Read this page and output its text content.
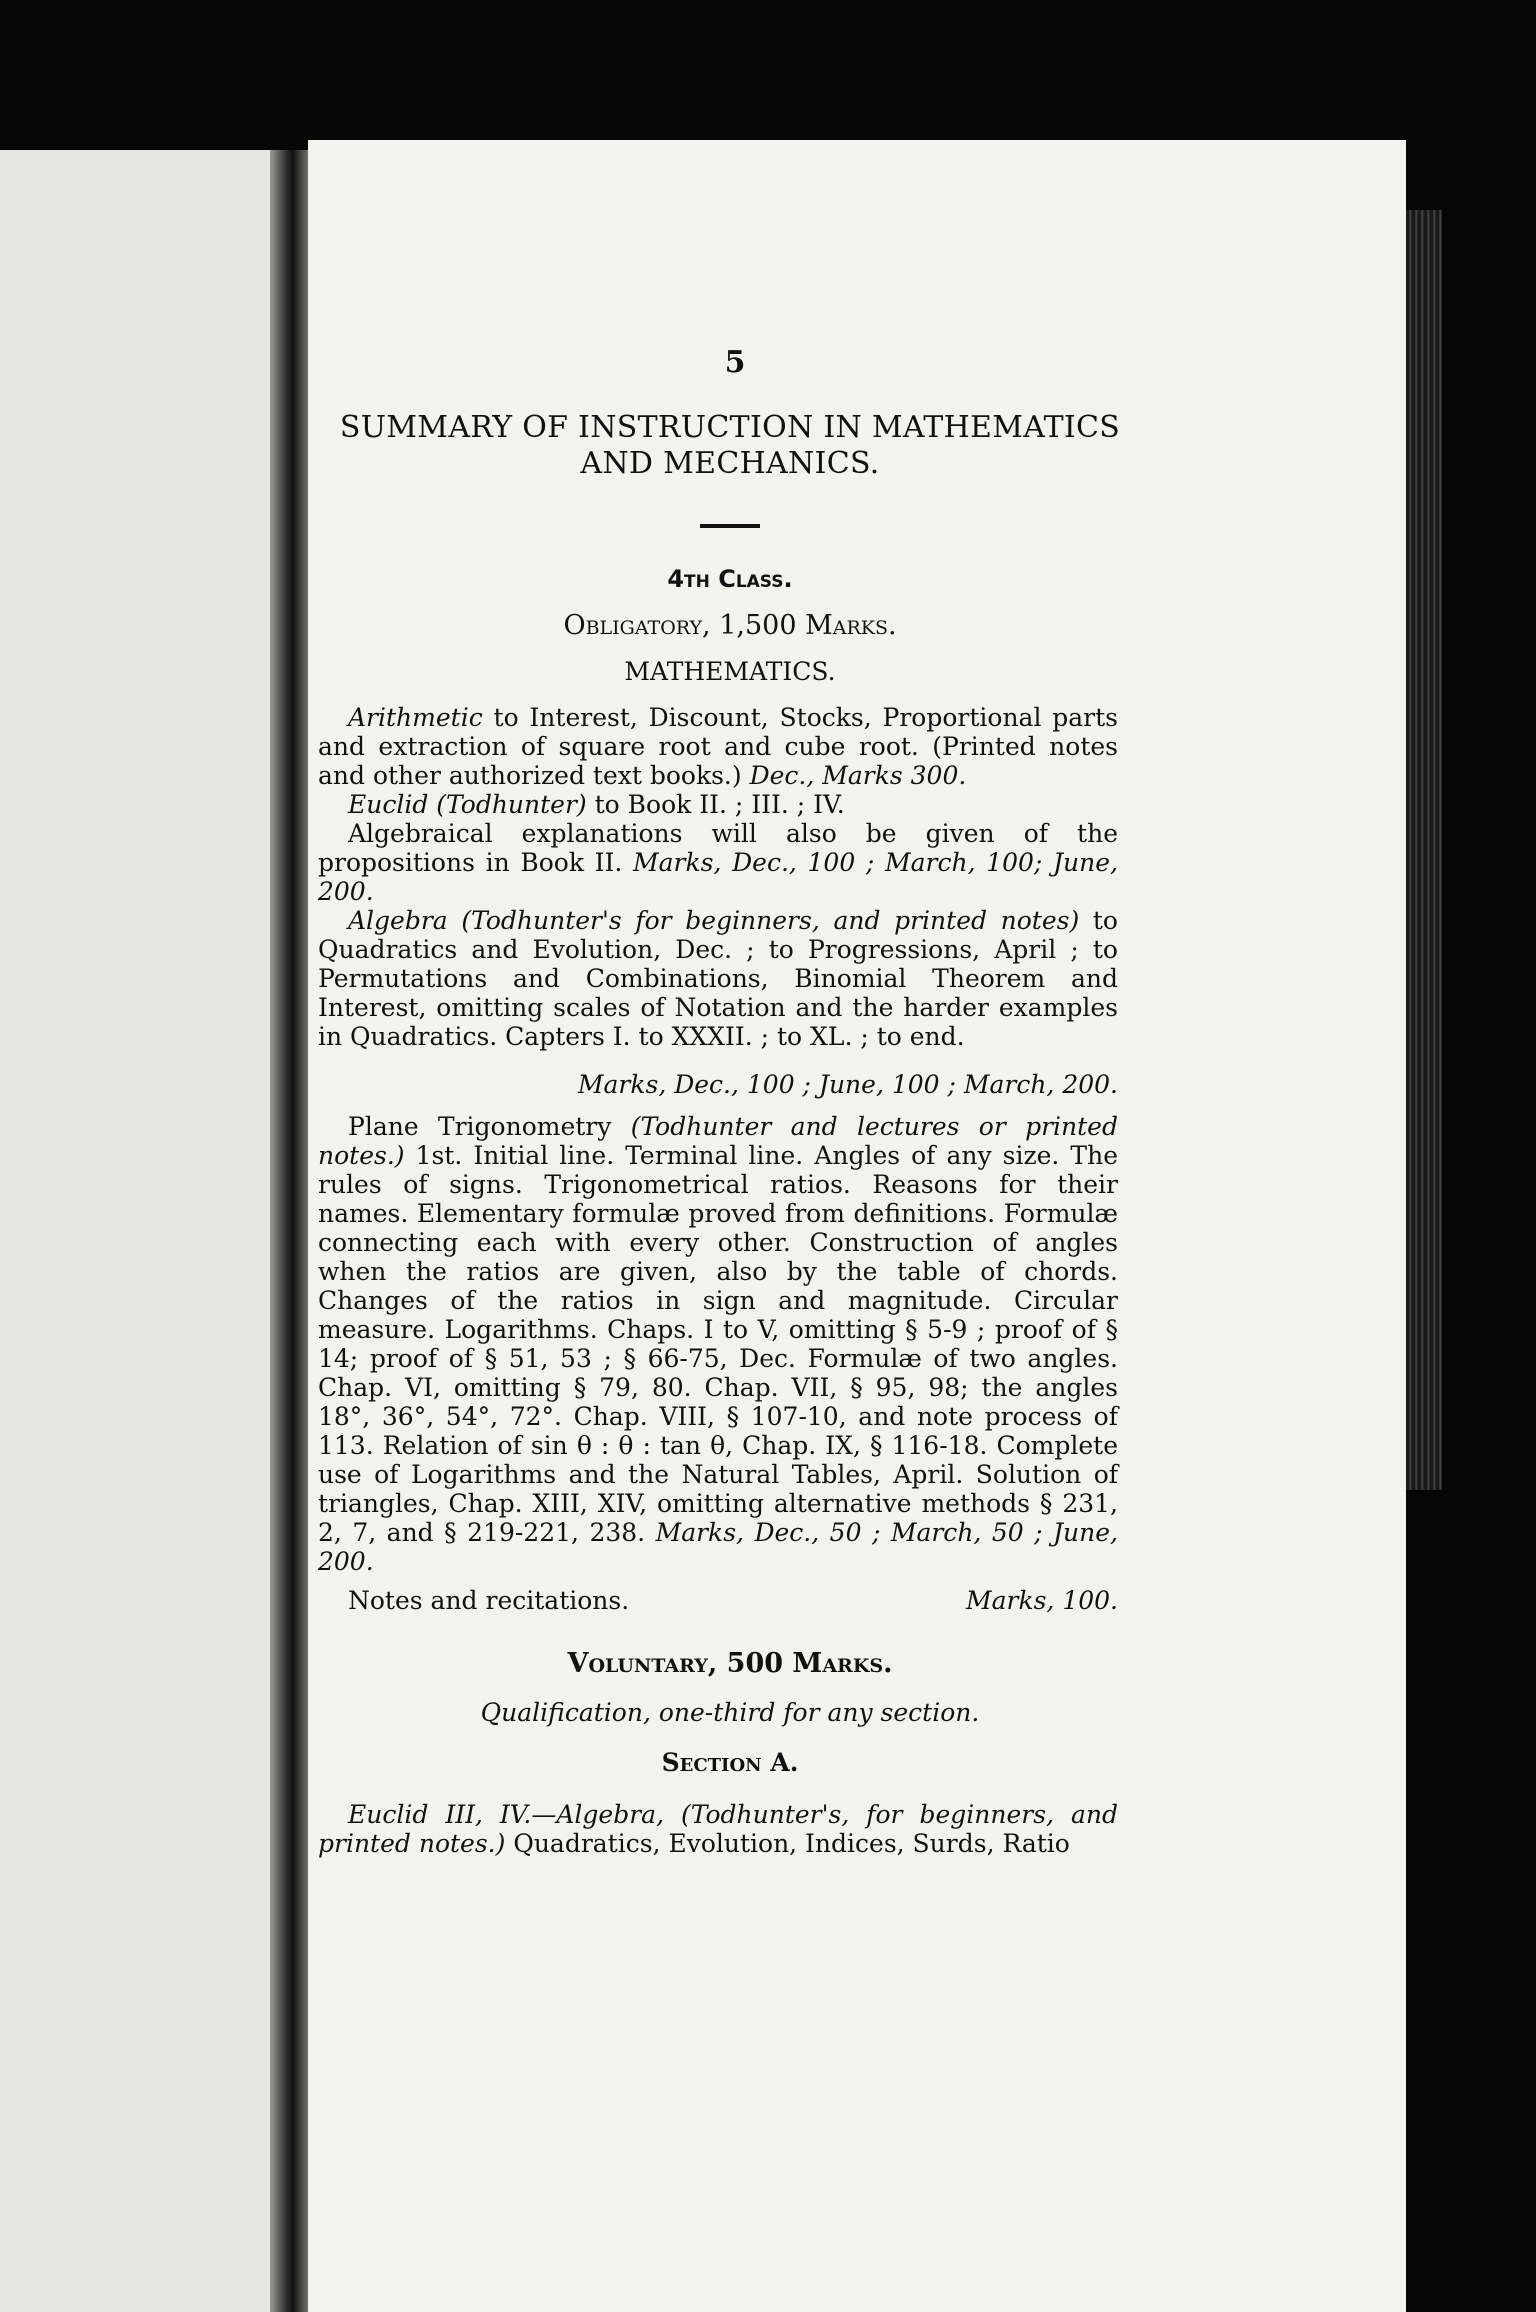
5
SUMMARY OF INSTRUCTION IN MATHEMATICS
AND MECHANICS.
4th Class.
Obligatory, 1,500 Marks.
MATHEMATICS.

Arithmetic to Interest, Discount, Stocks, Proportional parts and extraction of square root and cube root. (Printed notes and other authorized text books.) Dec., Marks 300.

Euclid (Todhunter) to Book II. ; III. ; IV.

Algebraical explanations will also be given of the propositions in Book II. Marks, Dec., 100 ; March, 100; June, 200.

Algebra (Todhunter's for beginners, and printed notes) to Quadratics and Evolution, Dec. ; to Progressions, April ; to Permutations and Combinations, Binomial Theorem and Interest, omitting scales of Notation and the harder examples in Quadratics. Capters I. to XXXII. ; to XL. ; to end.

Marks, Dec., 100 ; June, 100 ; March, 200.

Plane Trigonometry (Todhunter and lectures or printed notes.) 1st. Initial line. Terminal line. Angles of any size. The rules of signs. Trigonometrical ratios. Reasons for their names. Elementary formulæ proved from definitions. Formulæ connecting each with every other. Construction of angles when the ratios are given, also by the table of chords. Changes of the ratios in sign and magnitude. Circular measure. Logarithms. Chaps. I to V, omitting § 5-9 ; proof of § 14; proof of § 51, 53 ; § 66-75, Dec. Formulæ of two angles. Chap. VI, omitting § 79, 80. Chap. VII, § 95, 98; the angles 18°, 36°, 54°, 72°. Chap. VIII, § 107-10, and note process of 113. Relation of sin θ : θ : tan θ, Chap. IX, § 116-18. Complete use of Logarithms and the Natural Tables, April. Solution of triangles, Chap. XIII, XIV, omitting alternative methods § 231, 2, 7, and § 219-221, 238. Marks, Dec., 50 ; March, 50 ; June, 200.

Notes and recitations.	Marks, 100.
Voluntary, 500 Marks.
Qualification, one-third for any section.
Section A.

Euclid III, IV.—Algebra, (Todhunter's, for beginners, and printed notes.) Quadratics, Evolution, Indices, Surds, Ratio
